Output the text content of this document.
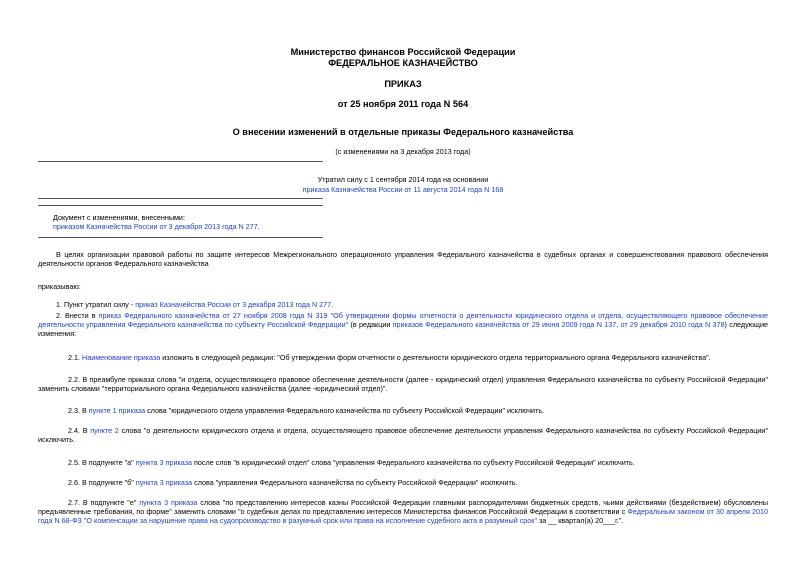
Министерство финансов Российской Федерации
ФЕДЕРАЛЬНОЕ КАЗНАЧЕЙСТВО
ПРИКАЗ
от 25 ноября 2011 года N 564
О внесении изменений в отдельные приказы Федерального казначейства
(с изменениями на 3 декабря 2013 года)
Утратил силу с 1 сентября 2014 года на основании
приказа Казначейства России от 11 августа 2014 года N 168
Документ с изменениями, внесенными:
приказом Казначейства России от 3 декабря 2013 года N 277.
В целях организации правовой работы по защите интересов Межрегионального операционного управления Федерального казначейства в судебных органах и совершенствования правового обеспечения деятельности органов Федерального казначейства
приказываю:
1. Пункт утратил силу - приказ Казначейства России от 3 декабря 2013 года N 277.
2. Внести в приказ Федерального казначейства от 27 ноября 2008 года N 319 "Об утверждении формы отчетности о деятельности юридического отдела и отдела, осуществляющего правовое обеспечение деятельности управления Федерального казначейства по субъекту Российской Федерации" (в редакции приказов Федерального казначейства от 29 июня 2009 года N 137, от 29 декабря 2010 года N 378) следующие изменения:
2.1. Наименование приказа изложить в следующей редакции: "Об утверждении форм отчетности о деятельности юридического отдела территориального органа Федерального казначейства".
2.2. В преамбуле приказа слова "и отдела, осуществляющего правовое обеспечение деятельности (далее - юридический отдел) управления Федерального казначейства по субъекту Российской Федерации" заменить словами "территориального органа Федерального казначейства (далее -юридический отдел)".
2.3. В пункте 1 приказа слова "юридического отдела управления Федерального казначейства по субъекту Российской Федерации" исключить.
2.4. В пункте 2 слова "о деятельности юридического отдела и отдела, осуществляющего правовое обеспечение деятельности управления Федерального казначейства по субъекту Российской Федерации" исключить.
2.5. В подпункте "а" пункта 3 приказа после слов "в юридический отдел" слова "управления Федерального казначейства по субъекту Российской Федерации" исключить.
2.6. В подпункте "б" пункта 3 приказа слова "управления Федерального казначейства по субъекту Российской Федерации" исключить.
2.7. В подпункте "е" пункта 3 приказа слова "по представлению интересов казны Российской Федерации главными распорядителями бюджетных средств, чьими действиями (бездействием) обусловлены предъявленные требования, по форме" заменить словами "о судебных делах по представлению интересов Министерства финансов Российской Федерации в соответствии с Федеральным законом от 30 апреля 2010 года N 68-ФЗ "О компенсации за нарушение права на судопроизводство в разумный срок или права на исполнение судебного акта в разумный срок" за __ квартал(а) 20___г.".
